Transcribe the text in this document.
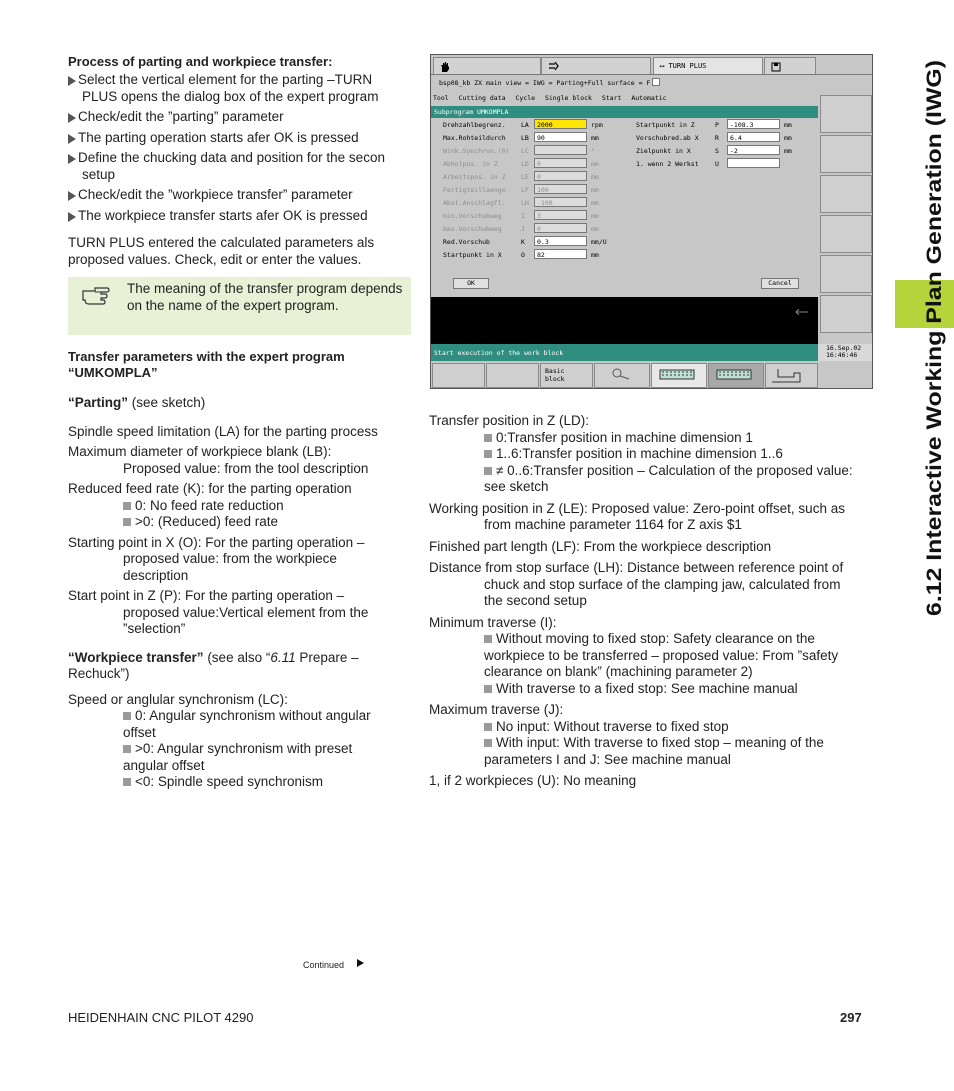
Process of parting and workpiece transfer:
Select the vertical element for the parting –TURN
PLUS opens the dialog box of the expert program
Check/edit the ”parting” parameter
The parting operation starts afer OK is pressed
Define the chucking data and position for the secon
setup
Check/edit the ”workpiece transfer” parameter
The workpiece transfer starts afer OK is pressed
TURN PLUS entered the calculated parameters als proposed values. Check, edit or enter the values.
The meaning of the transfer program depends on the name of the expert program.
Transfer parameters with the expert program “UMKOMPLA”
“Parting” (see sketch)
Spindle speed limitation (LA) for the parting process
Maximum diameter of workpiece blank (LB):
Proposed value: from the tool description
Reduced feed rate (K): for the parting operation
0: No feed rate reduction
>0: (Reduced) feed rate
Starting point in X (O): For the parting operation –
proposed value: from the workpiece
description
Start point in Z (P): For the parting operation –
proposed value:Vertical element from the
”selection”
“Workpiece transfer” (see also “6.11 Prepare –
Rechuck”)
Speed or anglular synchronism (LC):
0: Angular synchronism without angular
offset
>0: Angular synchronism with preset
angular offset
<0: Spindle speed synchronism
⟷ TURN PLUS
bsp08_kb ZX main view = IWG = Parting+Full surface = F
Tool Cutting data Cycle Single block Start Automatic
Subprogram UMKOMPLA
Drehzahlbegrenz. LA	2000	rpm
Max.Rohteildurch LB	90	mm
Wink.Synchron.(0) LC	°
Abholpos. in Z	LD	0	mm
Arbeitspos. in Z LE	0	mm
Fertigteillaenge LF	100	mm
Abst.Anschlagfl. LH	-100	mm
min.Vorschubweg	I	3	mm
max.Vorschubweg	J	0	mm
Red.Vorschub	K	0.3	mm/U
Startpunkt in X	O	82	mm
Startpunkt in Z	P	-108.3	mm
Vorschubred.ab X	R	6.4	mm
Zielpunkt in X	S	-2	mm
1. wenn 2 Werkst	U
OK	Cancel
Start execution of the work block
16.Sep.02
16:46:46
Basic block
Transfer position in Z (LD):
0:Transfer position in machine dimension 1
1..6:Transfer position in machine dimension 1..6
≠ 0..6:Transfer position – Calculation of the proposed value:
see sketch
Working position in Z (LE): Proposed value: Zero-point offset, such as
from machine parameter 1164 for Z axis $1
Finished part length (LF): From the workpiece description
Distance from stop surface (LH): Distance between reference point of
chuck and stop surface of the clamping jaw, calculated from
the second setup
Minimum traverse (I):
Without moving to fixed stop: Safety clearance on the
workpiece to be transferred – proposed value: From ”safety
clearance on blank” (machining parameter 2)
With traverse to a fixed stop: See machine manual
Maximum traverse (J):
No input: Without traverse to fixed stop
With input: With traverse to fixed stop – meaning of the
parameters I and J: See machine manual
1, if 2 workpieces (U): No meaning
6.12 Interactive Working Plan Generation (IWG)
Continued
HEIDENHAIN CNC PILOT 4290	297
